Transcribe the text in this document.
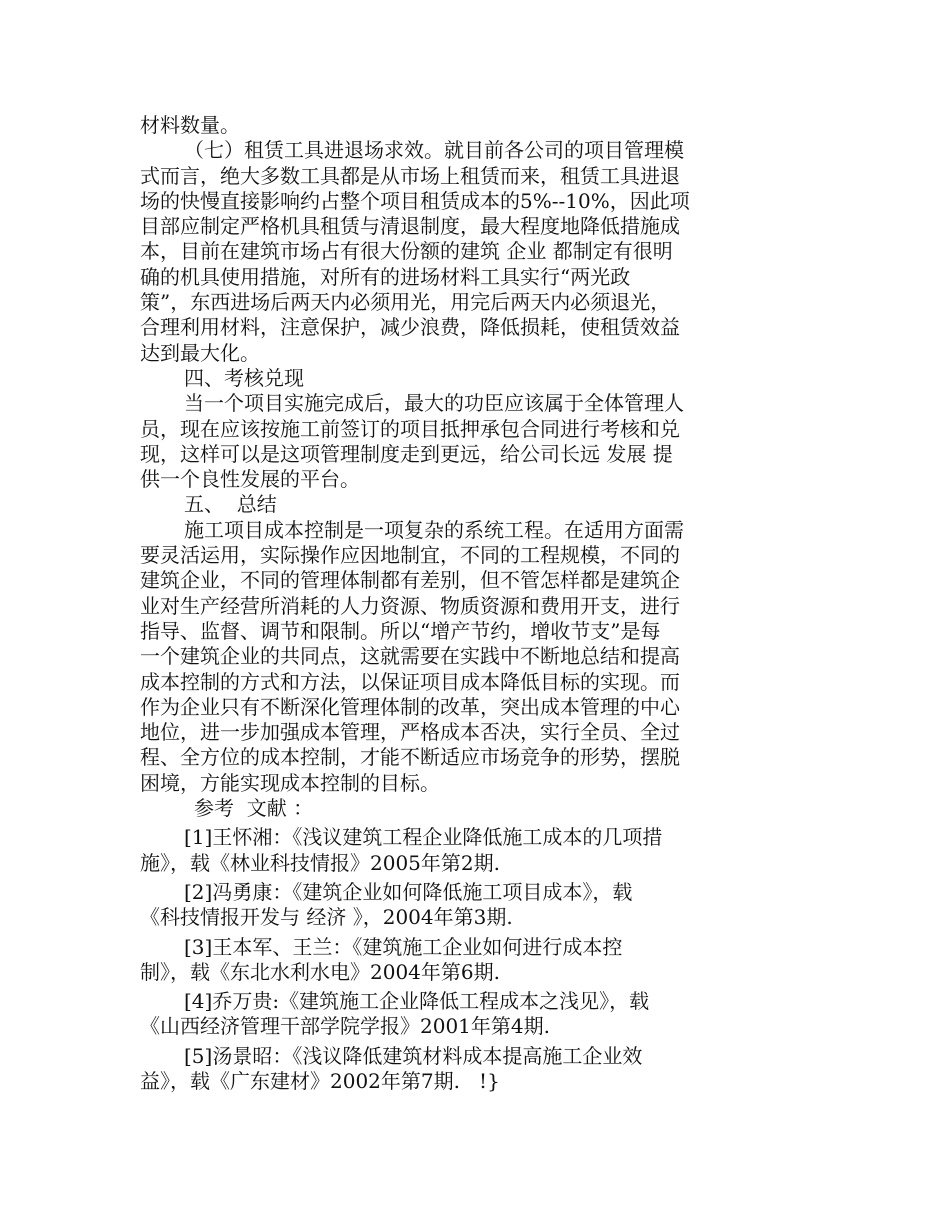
材料数量。
（七）租赁工具进退场求效。就目前各公司的项目管理模
式而言，绝大多数工具都是从市场上租赁而来，租赁工具进退
场的快慢直接影响约占整个项目租赁成本的5%--10%，因此项
目部应制定严格机具租赁与清退制度，最大程度地降低措施成
本，目前在建筑市场占有很大份额的建筑 企业 都制定有很明
确的机具使用措施，对所有的进场材料工具实行“两光政
策”，东西进场后两天内必须用光，用完后两天内必须退光，
合理利用材料，注意保护，减少浪费，降低损耗，使租赁效益
达到最大化。
四、考核兑现
当一个项目实施完成后，最大的功臣应该属于全体管理人
员，现在应该按施工前签订的项目抵押承包合同进行考核和兑
现，这样可以是这项管理制度走到更远，给公司长远 发展 提
供一个良性发展的平台。
五、  总结
施工项目成本控制是一项复杂的系统工程。在适用方面需
要灵活运用，实际操作应因地制宜，不同的工程规模，不同的
建筑企业，不同的管理体制都有差别，但不管怎样都是建筑企
业对生产经营所消耗的人力资源、物质资源和费用开支，进行
指导、监督、调节和限制。所以“增产节约，增收节支”是每
一个建筑企业的共同点，这就需要在实践中不断地总结和提高
成本控制的方式和方法，以保证项目成本降低目标的实现。而
作为企业只有不断深化管理体制的改革，突出成本管理的中心
地位，进一步加强成本管理，严格成本否决，实行全员、全过
程、全方位的成本控制，才能不断适应市场竞争的形势，摆脱
困境，方能实现成本控制的目标。
参考  文献 ：
[1]王怀湘：《浅议建筑工程企业降低施工成本的几项措
施》，载《林业科技情报》2005年第2期.
[2]冯勇康：《建筑企业如何降低施工项目成本》，载
《科技情报开发与 经济 》，2004年第3期.
[3]王本军、王兰：《建筑施工企业如何进行成本控
制》，载《东北水利水电》2004年第6期.
[4]乔万贵:《建筑施工企业降低工程成本之浅见》，载
《山西经济管理干部学院学报》2001年第4期.
[5]汤景昭：《浅议降低建筑材料成本提高施工企业效
益》，载《广东建材》2002年第7期.   !}
